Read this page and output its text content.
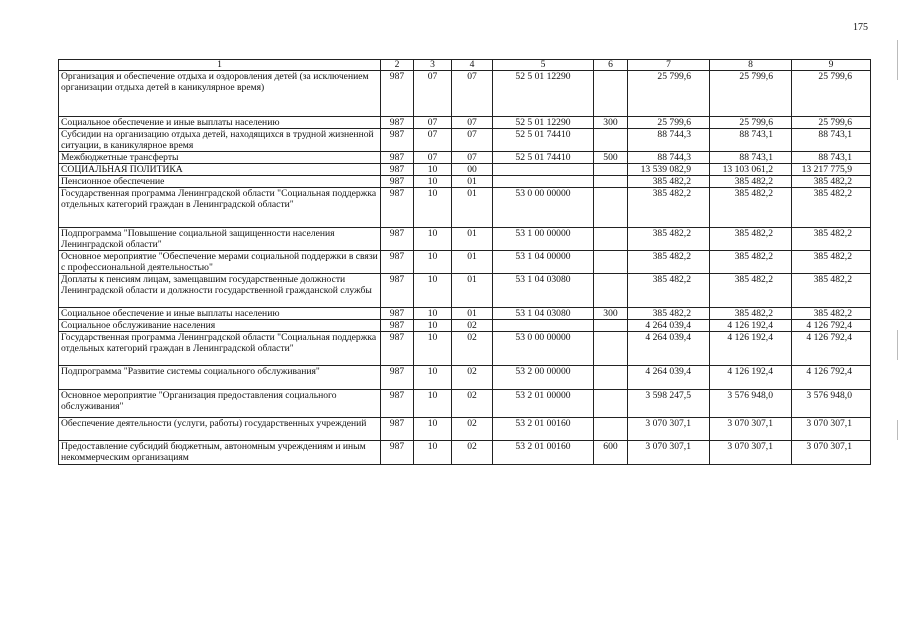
175
1	2	3	4	5	6	7	8	9
Организация и обеспечение отдыха и оздоровления детей (за исключением организации отдыха детей в каникулярное время)	987	07	07	52 5 01 12290		25 799,6	25 799,6	25 799,6
Социальное обеспечение и иные выплаты населению	987	07	07	52 5 01 12290	300	25 799,6	25 799,6	25 799,6
Субсидии на организацию отдыха детей, находящихся в трудной жизненной ситуации, в каникулярное время	987	07	07	52 5 01 74410		88 744,3	88 743,1	88 743,1
Межбюджетные трансферты	987	07	07	52 5 01 74410	500	88 744,3	88 743,1	88 743,1
СОЦИАЛЬНАЯ ПОЛИТИКА	987	10	00			13 539 082,9	13 103 061,2	13 217 775,9
Пенсионное обеспечение	987	10	01			385 482,2	385 482,2	385 482,2
Государственная программа Ленинградской области "Социальная поддержка отдельных категорий граждан в Ленинградской области"	987	10	01	53 0 00 00000		385 482,2	385 482,2	385 482,2
Подпрограмма "Повышение социальной защищенности населения Ленинградской области"	987	10	01	53 1 00 00000		385 482,2	385 482,2	385 482,2
Основное мероприятие "Обеспечение мерами социальной поддержки в связи с профессиональной деятельностью"	987	10	01	53 1 04 00000		385 482,2	385 482,2	385 482,2
Доплаты к пенсиям лицам, замещавшим государственные должности Ленинградской области и должности государственной гражданской службы	987	10	01	53 1 04 03080		385 482,2	385 482,2	385 482,2
Социальное обеспечение и иные выплаты населению	987	10	01	53 1 04 03080	300	385 482,2	385 482,2	385 482,2
Социальное обслуживание населения	987	10	02			4 264 039,4	4 126 192,4	4 126 792,4
Государственная программа Ленинградской области "Социальная поддержка отдельных категорий граждан в Ленинградской области"	987	10	02	53 0 00 00000		4 264 039,4	4 126 192,4	4 126 792,4
Подпрограмма "Развитие системы социального обслуживания"	987	10	02	53 2 00 00000		4 264 039,4	4 126 192,4	4 126 792,4
Основное мероприятие "Организация предоставления социального обслуживания"	987	10	02	53 2 01 00000		3 598 247,5	3 576 948,0	3 576 948,0
Обеспечение деятельности (услуги, работы) государственных учреждений	987	10	02	53 2 01 00160		3 070 307,1	3 070 307,1	3 070 307,1
Предоставление субсидий бюджетным, автономным учреждениям и иным некоммерческим организациям	987	10	02	53 2 01 00160	600	3 070 307,1	3 070 307,1	3 070 307,1
